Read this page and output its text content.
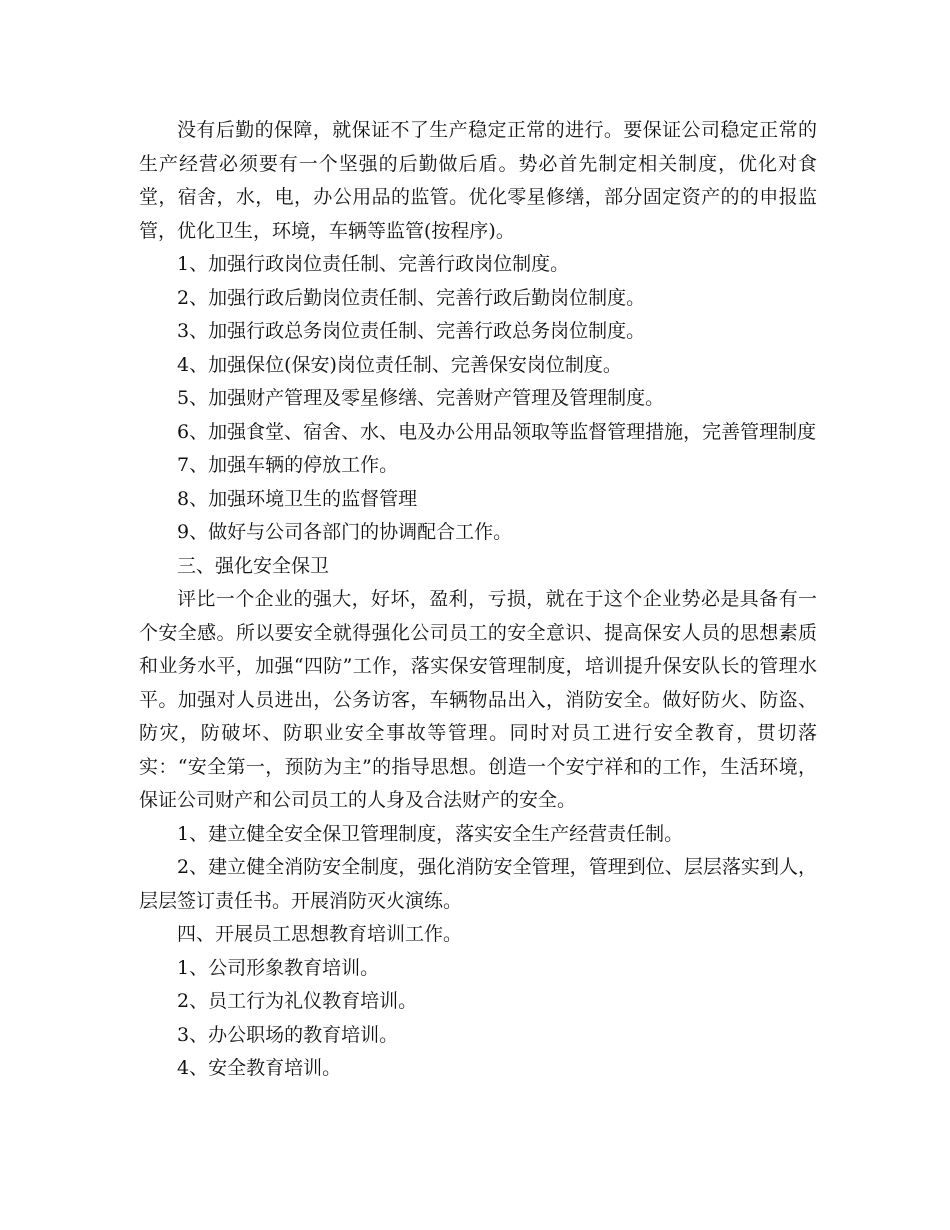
没有后勤的保障，就保证不了生产稳定正常的进行。要保证公司稳定正常的生产经营必须要有一个坚强的后勤做后盾。势必首先制定相关制度，优化对食堂，宿舍，水，电，办公用品的监管。优化零星修缮，部分固定资产的的申报监管，优化卫生，环境，车辆等监管(按程序)。

1、加强行政岗位责任制、完善行政岗位制度。

2、加强行政后勤岗位责任制、完善行政后勤岗位制度。

3、加强行政总务岗位责任制、完善行政总务岗位制度。

4、加强保位(保安)岗位责任制、完善保安岗位制度。

5、加强财产管理及零星修缮、完善财产管理及管理制度。

6、加强食堂、宿舍、水、电及办公用品领取等监督管理措施，完善管理制度

7、加强车辆的停放工作。

8、加强环境卫生的监督管理

9、做好与公司各部门的协调配合工作。

三、强化安全保卫

评比一个企业的强大，好坏，盈利，亏损，就在于这个企业势必是具备有一个安全感。所以要安全就得强化公司员工的安全意识、提高保安人员的思想素质和业务水平，加强“四防”工作，落实保安管理制度，培训提升保安队长的管理水平。加强对人员进出，公务访客，车辆物品出入，消防安全。做好防火、防盗、防灾，防破坏、防职业安全事故等管理。同时对员工进行安全教育，贯切落实：“安全第一，预防为主”的指导思想。创造一个安宁祥和的工作，生活环境，保证公司财产和公司员工的人身及合法财产的安全。

1、建立健全安全保卫管理制度，落实安全生产经营责任制。

2、建立健全消防安全制度，强化消防安全管理，管理到位、层层落实到人，层层签订责任书。开展消防灭火演练。

四、开展员工思想教育培训工作。

1、公司形象教育培训。

2、员工行为礼仪教育培训。

3、办公职场的教育培训。

4、安全教育培训。
